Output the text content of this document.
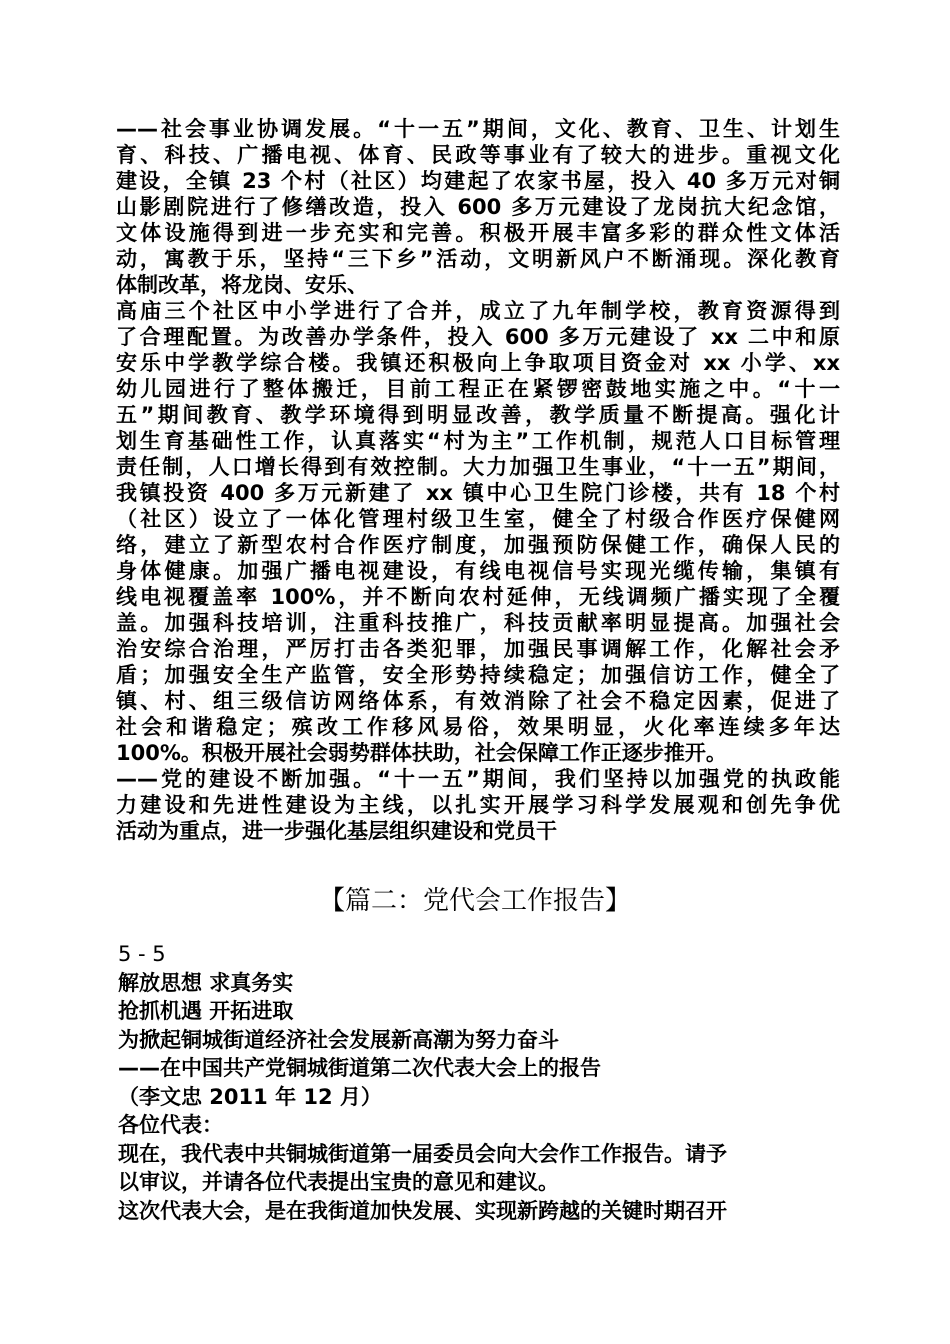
——社会事业协调发展。“十一五”期间，文化、教育、卫生、计划生
育、科技、广播电视、体育、民政等事业有了较大的进步。重视文化
建设，全镇 23 个村（社区）均建起了农家书屋，投入 40 多万元对铜
山影剧院进行了修缮改造，投入 600 多万元建设了龙岗抗大纪念馆，
文体设施得到进一步充实和完善。积极开展丰富多彩的群众性文体活
动，寓教于乐，坚持“三下乡”活动，文明新风户不断涌现。深化教育
体制改革，将龙岗、安乐、
高庙三个社区中小学进行了合并，成立了九年制学校，教育资源得到
了合理配置。为改善办学条件，投入 600 多万元建设了 xx 二中和原
安乐中学教学综合楼。我镇还积极向上争取项目资金对 xx 小学、xx
幼儿园进行了整体搬迁，目前工程正在紧锣密鼓地实施之中。“十一
五”期间教育、教学环境得到明显改善，教学质量不断提高。强化计
划生育基础性工作，认真落实“村为主”工作机制，规范人口目标管理
责任制，人口增长得到有效控制。大力加强卫生事业，“十一五”期间，
我镇投资 400 多万元新建了 xx 镇中心卫生院门诊楼，共有 18 个村
（社区）设立了一体化管理村级卫生室，健全了村级合作医疗保健网
络，建立了新型农村合作医疗制度，加强预防保健工作，确保人民的
身体健康。加强广播电视建设，有线电视信号实现光缆传输，集镇有
线电视覆盖率 100%，并不断向农村延伸，无线调频广播实现了全覆
盖。加强科技培训，注重科技推广，科技贡献率明显提高。加强社会
治安综合治理，严厉打击各类犯罪，加强民事调解工作，化解社会矛
盾；加强安全生产监管，安全形势持续稳定；加强信访工作，健全了
镇、村、组三级信访网络体系，有效消除了社会不稳定因素，促进了
社会和谐稳定；殡改工作移风易俗，效果明显，火化率连续多年达
100%。积极开展社会弱势群体扶助，社会保障工作正逐步推开。
——党的建设不断加强。“十一五”期间，我们坚持以加强党的执政能
力建设和先进性建设为主线，以扎实开展学习科学发展观和创先争优
活动为重点，进一步强化基层组织建设和党员干
【篇二：党代会工作报告】
5 - 5
解放思想 求真务实
抢抓机遇 开拓进取
为掀起铜城街道经济社会发展新高潮为努力奋斗
——在中国共产党铜城街道第二次代表大会上的报告
（李文忠 2011 年 12 月）
各位代表：
现在，我代表中共铜城街道第一届委员会向大会作工作报告。请予
以审议，并请各位代表提出宝贵的意见和建议。
这次代表大会，是在我街道加快发展、实现新跨越的关键时期召开
